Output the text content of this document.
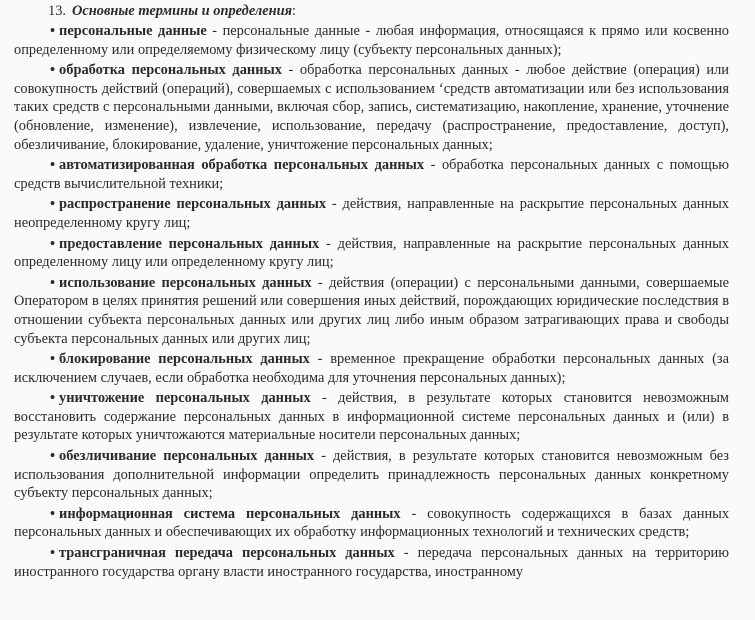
13. Основные термины и определения:

• персональные данные - персональные данные - любая информация, относящаяся к прямо или косвенно определенному или определяемому физическому лицу (субъекту персональных данных);

• обработка персональных данных - обработка персональных данных - любое действие (операция) или совокупность действий (операций), совершаемых с использованием ‘средств автоматизации или без использования таких средств с персональными данными, включая сбор, запись, систематизацию, накопление, хранение, уточнение (обновление, изменение), извлечение, использование, передачу (распространение, предоставление, доступ), обезличивание, блокирование, удаление, уничтожение персональных данных;

• автоматизированная обработка персональных данных - обработка персональных данных с помощью средств вычислительной техники;

• распространение персональных данных - действия, направленные на раскрытие персональных данных неопределенному кругу лиц;

• предоставление персональных данных - действия, направленные на раскрытие персональных данных определенному лицу или определенному кругу лиц;

• использование персональных данных - действия (операции) с персональными данными, совершаемые Оператором в целях принятия решений или совершения иных действий, порождающих юридические последствия в отношении субъекта персональных данных или других лиц либо иным образом затрагивающих права и свободы субъекта персональных данных или других лиц;

• блокирование персональных данных - временное прекращение обработки персональных данных (за исключением случаев, если обработка необходима для уточнения персональных данных);

• уничтожение персональных данных - действия, в результате которых становится невозможным восстановить содержание персональных данных в информационной системе персональных данных и (или) в результате которых уничтожаются материальные носители персональных данных;

• обезличивание персональных данных - действия, в результате которых становится невозможным без использования дополнительной информации определить принадлежность персональных данных конкретному субъекту персональных данных;

• информационная система персональных данных - совокупность содержащихся в базах данных персональных данных и обеспечивающих их обработку информационных технологий и технических средств;

• трансграничная передача персональных данных - передача персональных данных на территорию иностранного государства органу власти иностранного государства, иностранному
